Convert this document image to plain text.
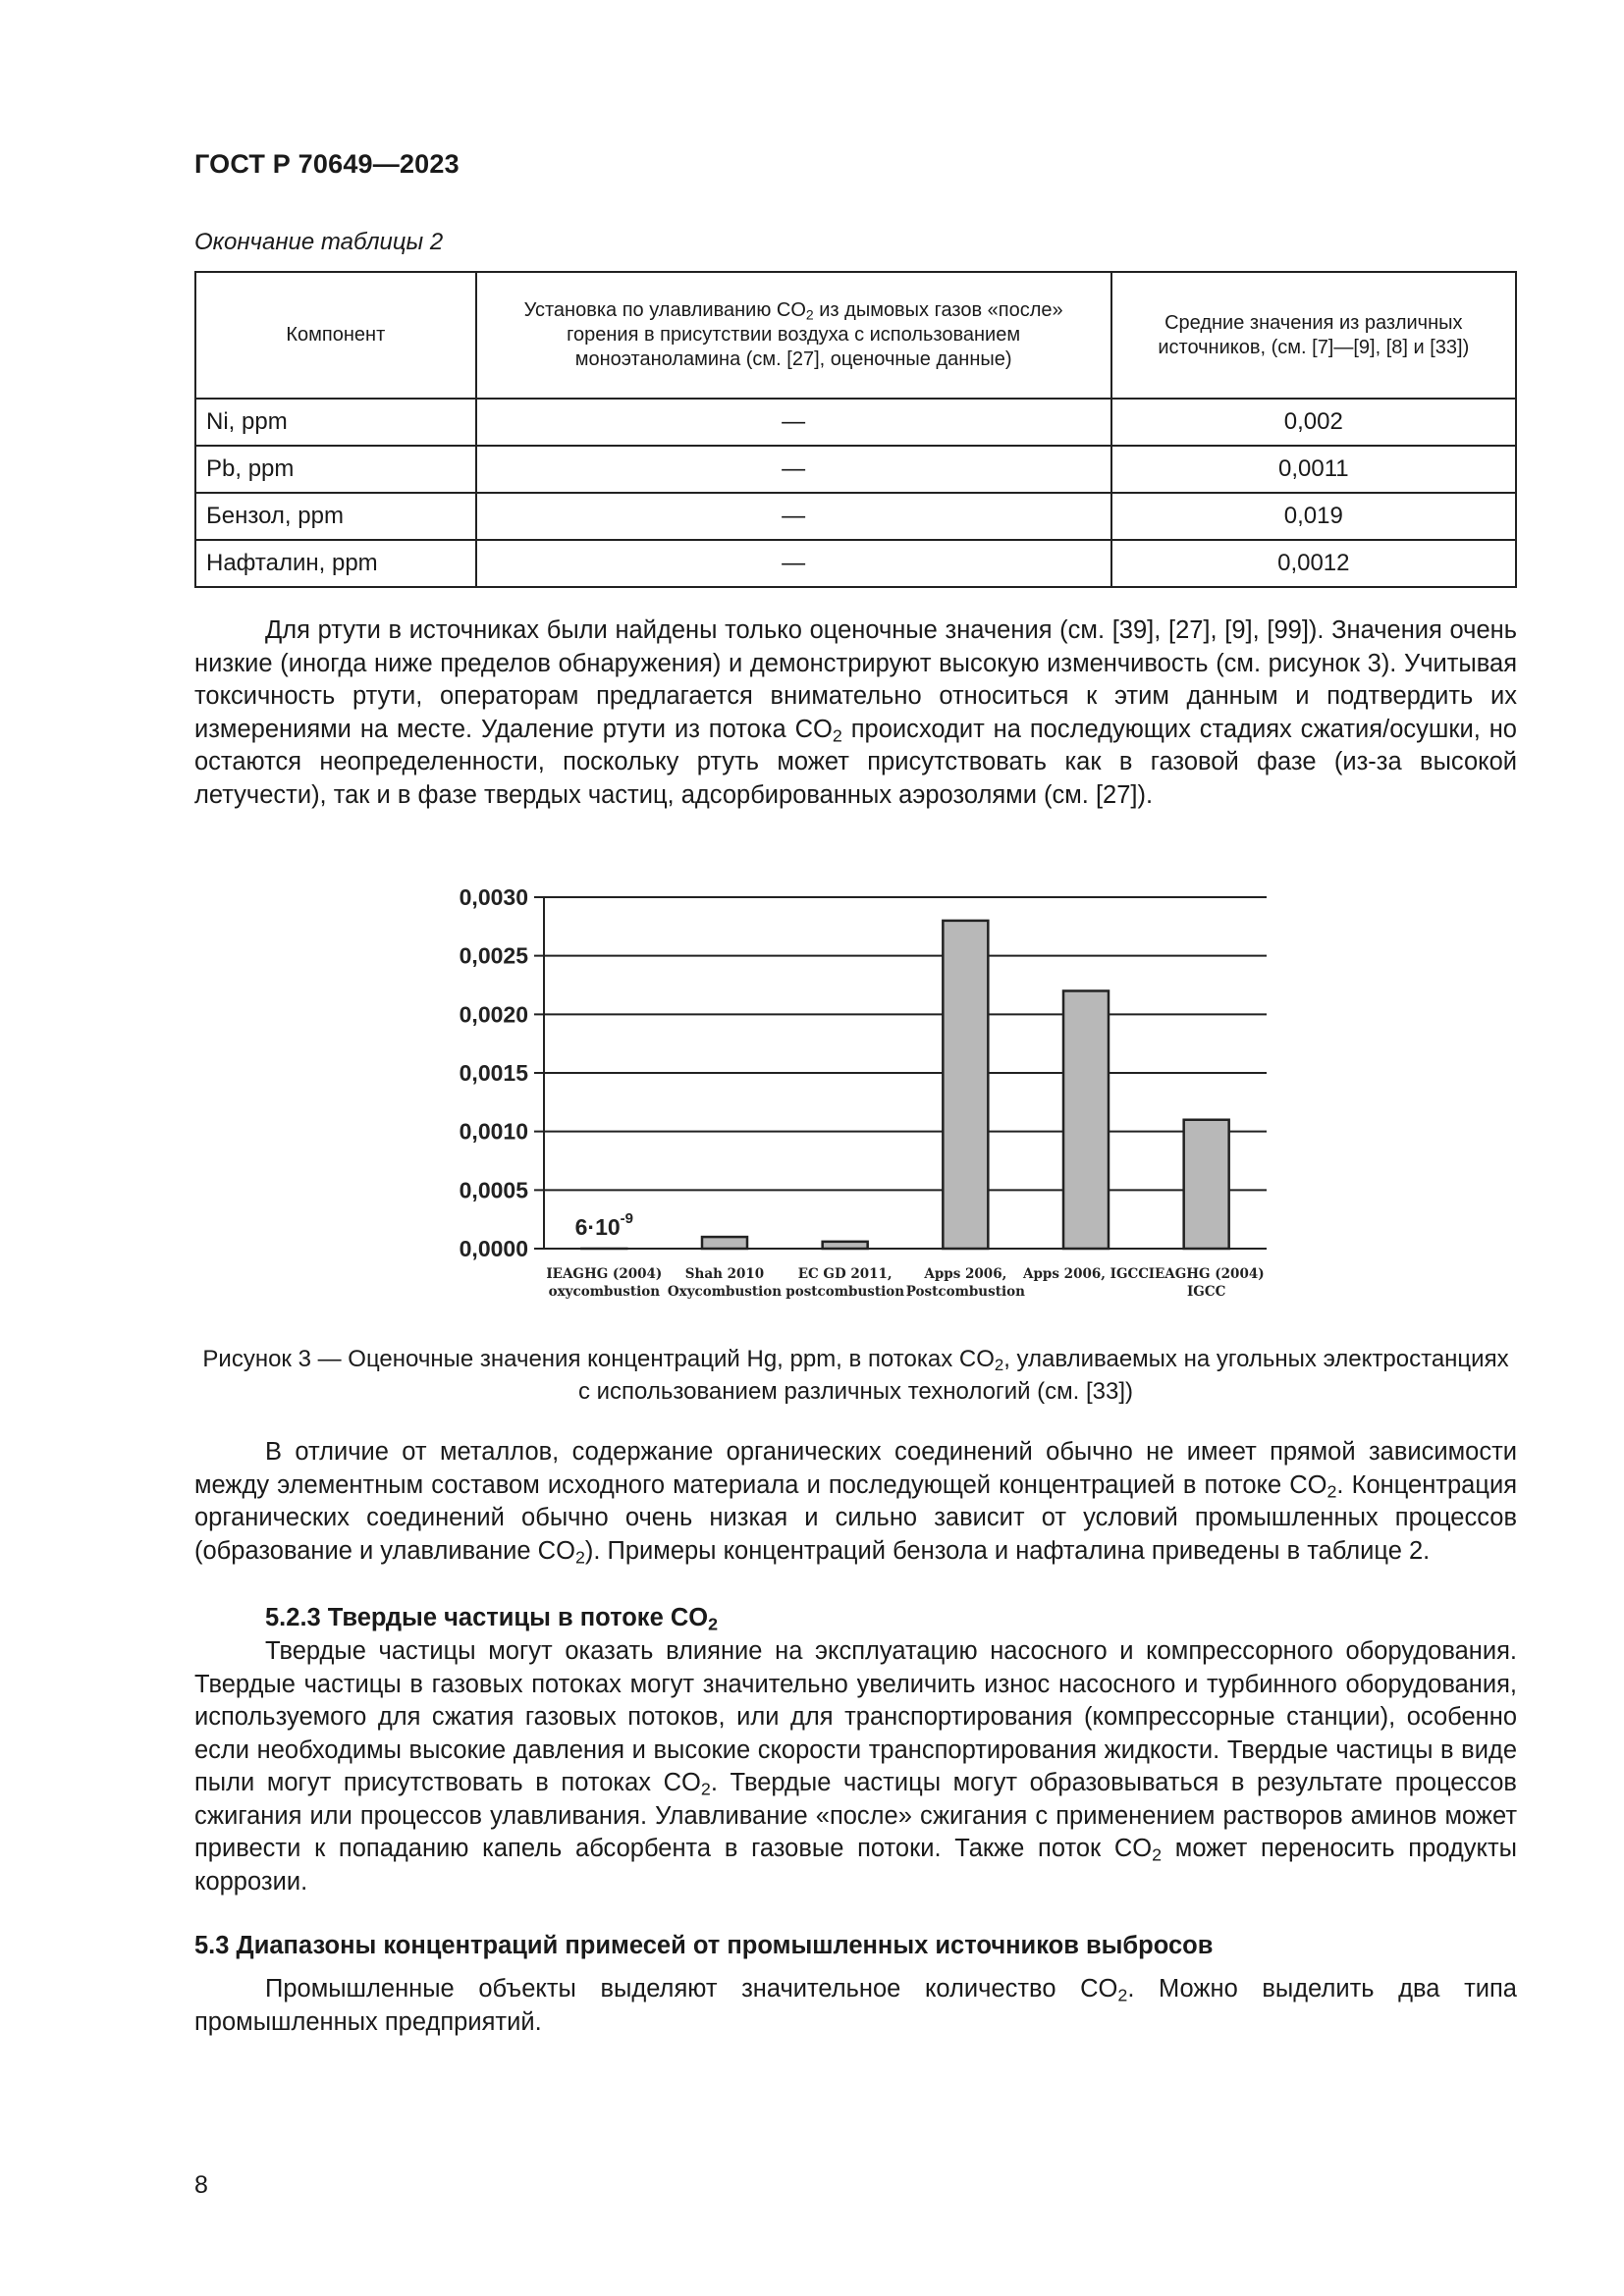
ГОСТ Р 70649—2023
Окончание таблицы 2
Компонент	Установка по улавливанию $CO_2$ из дымовых газов «после» горения в присутствии воздуха с использованием моноэтаноламина (см. [27], оценочные данные)	Средние значения из различных источников, (см. [7]—[9], [8] и [33])
Ni, ppm	—	0,002
Pb, ppm	—	0,0011
Бензол, ppm	—	0,019
Нафталин, ppm	—	0,0012

Для ртути в источниках были найдены только оценочные значения (см. [39], [27], [9], [99]). Значения очень низкие (иногда ниже пределов обнаружения) и демонстрируют высокую изменчивость (см. рисунок 3). Учитывая токсичность ртути, операторам предлагается внимательно относиться к этим данным и подтвердить их измерениями на месте. Удаление ртути из потока $CO_2$ происходит на последующих стадиях сжатия/осушки, но остаются неопределенности, поскольку ртуть может присутствовать как в газовой фазе (из-за высокой летучести), так и в фазе твердых частиц, адсорбированных аэрозолями (см. [27]).

0,0000
0,0005
0,0010
0,0015
0,0020
0,0025
0,0030
IEAGHG (2004) oxycombustion
Shah 2010 Oxycombustion
EC GD 2011, postcombustion
Apps 2006, Postcombustion
Apps 2006, IGCC IEAGHG (2004) IGCC
$6\cdot 10^{-9}$

Рисунок 3 — Оценочные значения концентраций Hg, ppm, в потоках $CO_2$, улавливаемых на угольных электростанциях с использованием различных технологий (см. [33])

В отличие от металлов, содержание органических соединений обычно не имеет прямой зависимости между элементным составом исходного материала и последующей концентрацией в потоке $CO_2$. Концентрация органических соединений обычно очень низкая и сильно зависит от условий промышленных процессов (образование и улавливание $CO_2$). Примеры концентраций бензола и нафталина приведены в таблице 2.

5.2.3 Твердые частицы в потоке $CO_2$

Твердые частицы могут оказать влияние на эксплуатацию насосного и компрессорного оборудования. Твердые частицы в газовых потоках могут значительно увеличить износ насосного и турбинного оборудования, используемого для сжатия газовых потоков, или для транспортирования (компрессорные станции), особенно если необходимы высокие давления и высокие скорости транспортирования жидкости. Твердые частицы в виде пыли могут присутствовать в потоках $CO_2$. Твердые частицы могут образовываться в результате процессов сжигания или процессов улавливания. Улавливание «после» сжигания с применением растворов аминов может привести к попаданию капель абсорбента в газовые потоки. Также поток $CO_2$ может переносить продукты коррозии.

5.3 Диапазоны концентраций примесей от промышленных источников выбросов

Промышленные объекты выделяют значительное количество $CO_2$. Можно выделить два типа промышленных предприятий.

8
